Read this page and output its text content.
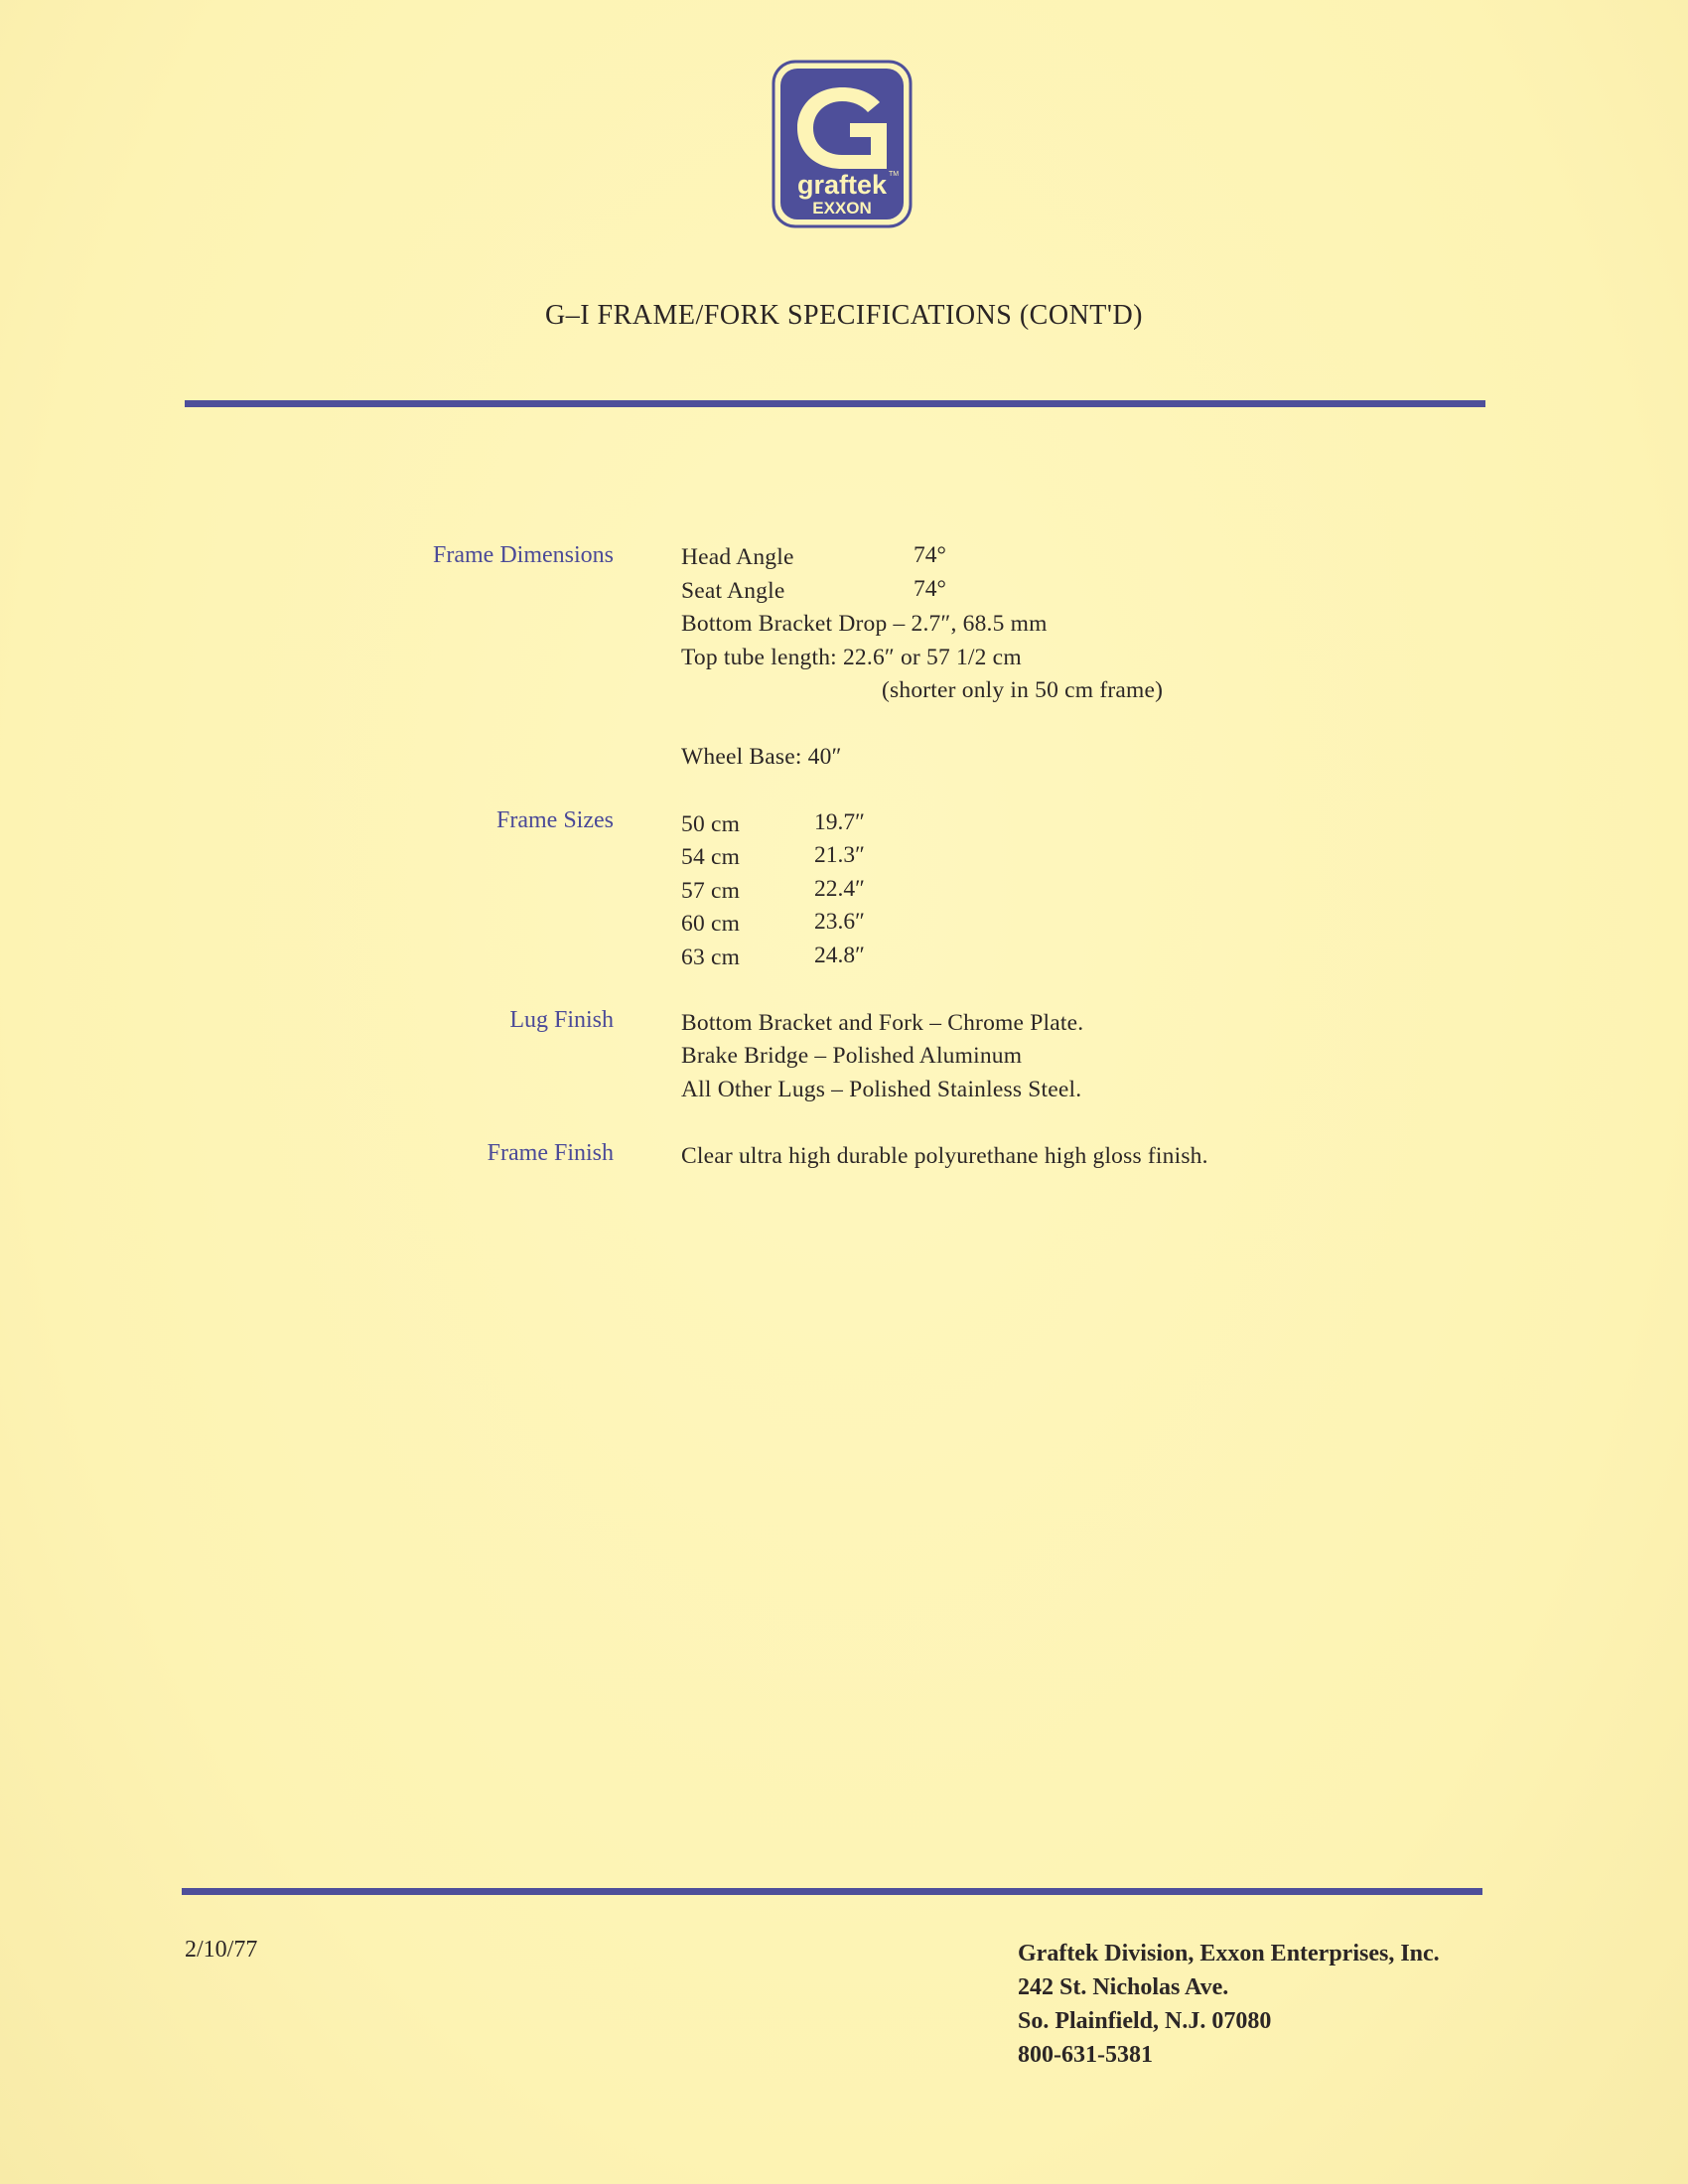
graftek TM
EXXON
G–I FRAME/FORK SPECIFICATIONS (CONT'D)
Frame Dimensions	Head Angle	74°
Seat Angle	74°
Bottom Bracket Drop – 2.7″, 68.5 mm
Top tube length: 22.6″ or 57 1/2 cm
(shorter only in 50 cm frame)
Wheel Base: 40″
Frame Sizes	50 cm	19.7″
54 cm	21.3″
57 cm	22.4″
60 cm	23.6″
63 cm	24.8″
Lug Finish	Bottom Bracket and Fork – Chrome Plate.
Brake Bridge – Polished Aluminum
All Other Lugs – Polished Stainless Steel.
Frame Finish	Clear ultra high durable polyurethane high gloss finish.
2/10/77	Graftek Division, Exxon Enterprises, Inc.
242 St. Nicholas Ave.
So. Plainfield, N.J. 07080
800-631-5381
